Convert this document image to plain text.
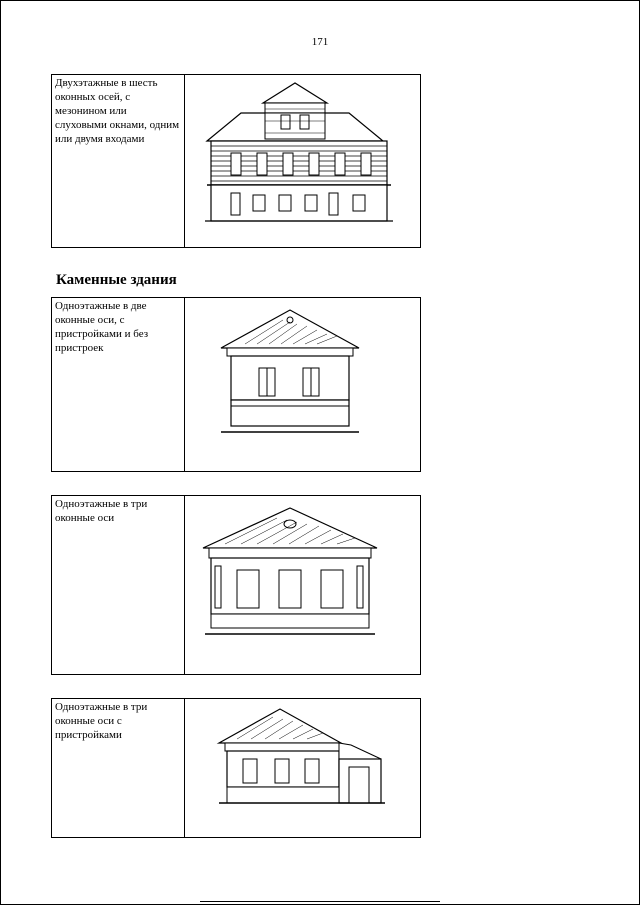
171
Двухэтажные в шесть оконных осей, с мезонином или слуховыми окнами, одним или двумя входами	
Каменные здания
Одноэтажные в две оконные оси, с пристройками и без пристроек	
Одноэтажные в три оконные оси	
Одноэтажные в три оконные оси с пристройками	
